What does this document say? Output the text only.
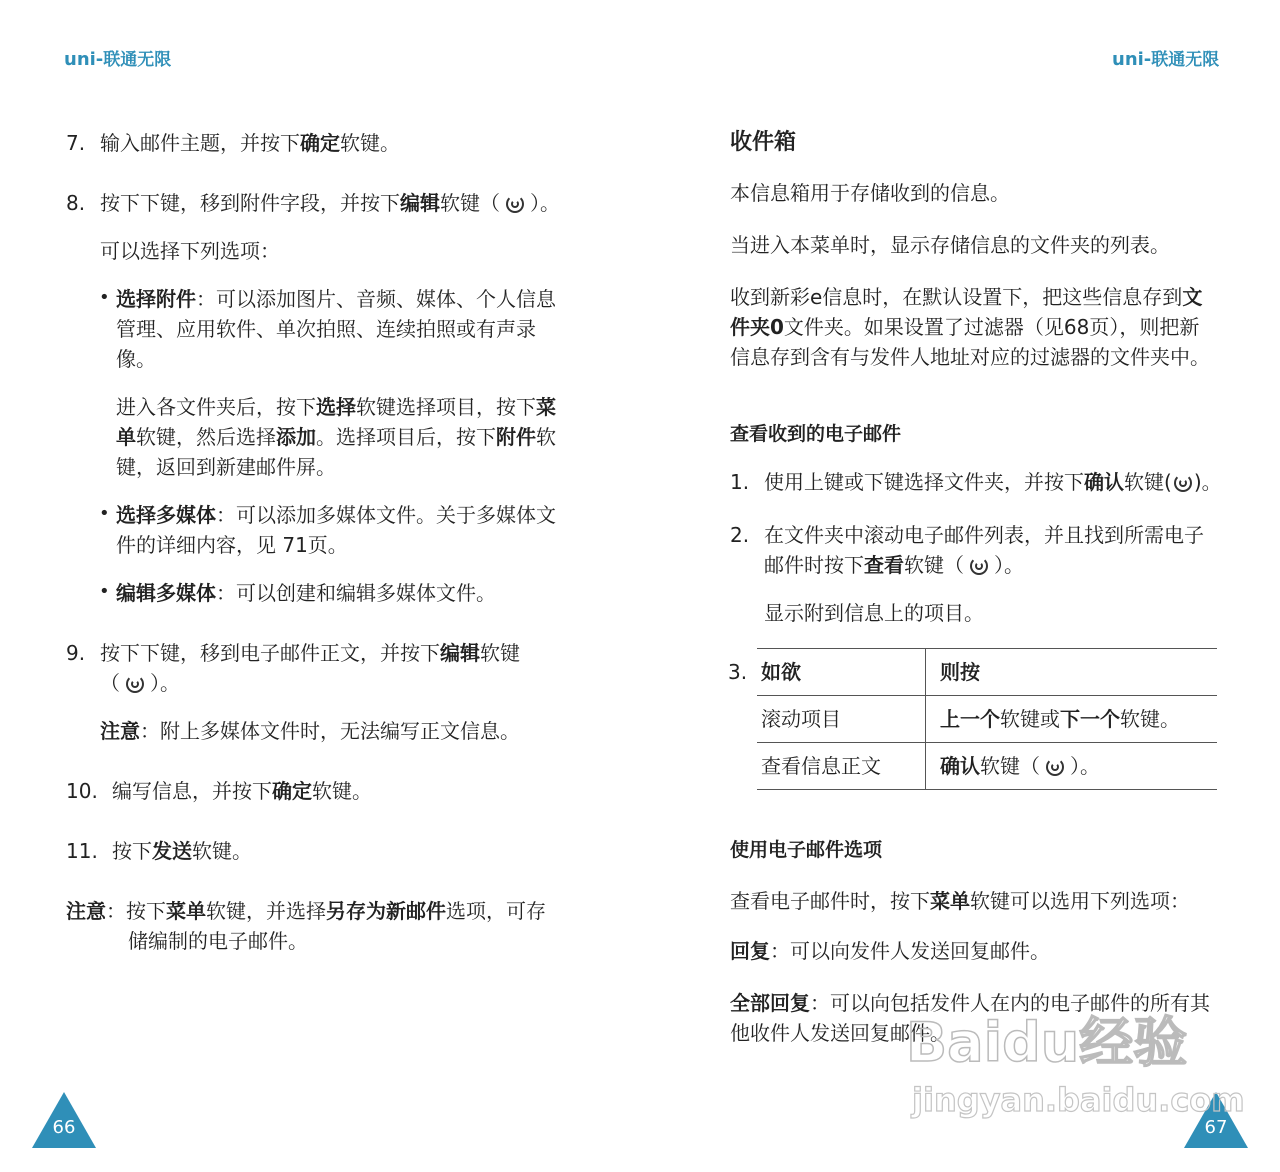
uni-联通无限

7. 输入邮件主题，并按下确定软键。

8. 按下下键，移到附件字段，并按下编辑软键（ ）。

可以选择下列选项：

• 选择附件：可以添加图片、音频、媒体、个人信息
管理、应用软件、单次拍照、连续拍照或有声录
像。
进入各文件夹后，按下选择软键选择项目，按下菜
单软键，然后选择添加。选择项目后，按下附件软
键，返回到新建邮件屏。
• 选择多媒体：可以添加多媒体文件。关于多媒体文
件的详细内容，见 71页。
• 编辑多媒体：可以创建和编辑多媒体文件。
9. 按下下键，移到电子邮件正文，并按下编辑软键
（ ）。

注意：附上多媒体文件时，无法编写正文信息。

10. 编写信息，并按下确定软键。

11. 按下发送软键。

注意：按下菜单软键，并选择另存为新邮件选项，可存
储编制的电子邮件。
66
uni-联通无限
收件箱

本信息箱用于存储收到的信息。

当进入本菜单时，显示存储信息的文件夹的列表。

收到新彩e信息时，在默认设置下，把这些信息存到文
件夹0文件夹。如果设置了过滤器（见68页），则把新
信息存到含有与发件人地址对应的过滤器的文件夹中。
查看收到的电子邮件

1. 使用上键或下键选择文件夹，并按下确认软键( )。

2. 在文件夹中滚动电子邮件列表，并且找到所需电子
邮件时按下查看软键（ ）。

显示附到信息上的项目。

3. 如欲	则按
滚动项目	上一个软键或下一个软键。
查看信息正文	确认软键（ ）。
使用电子邮件选项

查看电子邮件时，按下菜单软键可以选用下列选项：

回复：可以向发件人发送回复邮件。

全部回复：可以向包括发件人在内的电子邮件的所有其
他收件人发送回复邮件。
67
Baidu经验
jingyan.baidu.com
